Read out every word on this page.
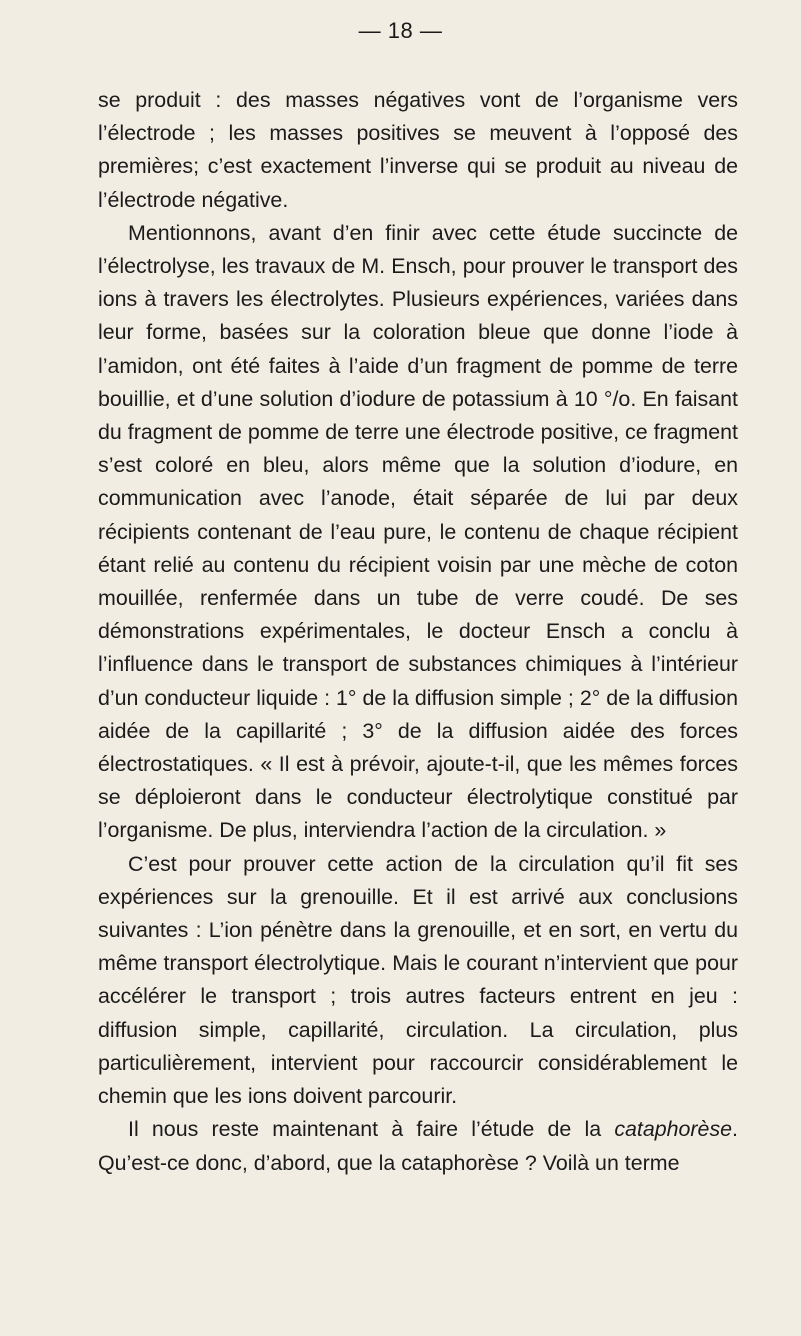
— 18 —

se produit : des masses négatives vont de l’organisme vers l’électrode ; les masses positives se meuvent à l’opposé des premières; c’est exactement l’inverse qui se produit au niveau de l’électrode négative.

Mentionnons, avant d’en finir avec cette étude succincte de l’électrolyse, les travaux de M. Ensch, pour prouver le transport des ions à travers les électrolytes. Plusieurs expériences, variées dans leur forme, basées sur la coloration bleue que donne l’iode à l’amidon, ont été faites à l’aide d’un fragment de pomme de terre bouillie, et d’une solution d’iodure de potassium à 10 °/o. En faisant du fragment de pomme de terre une électrode positive, ce fragment s’est coloré en bleu, alors même que la solution d’iodure, en communication avec l’anode, était séparée de lui par deux récipients contenant de l’eau pure, le contenu de chaque récipient étant relié au contenu du récipient voisin par une mèche de coton mouillée, renfermée dans un tube de verre coudé. De ses démonstrations expérimentales, le docteur Ensch a conclu à l’influence dans le transport de substances chimiques à l’intérieur d’un conducteur liquide : 1° de la diffusion simple ; 2° de la diffusion aidée de la capillarité ; 3° de la diffusion aidée des forces électrostatiques. « Il est à prévoir, ajoute-t-il, que les mêmes forces se déploieront dans le conducteur électrolytique constitué par l’organisme. De plus, interviendra l’action de la circulation. »

C’est pour prouver cette action de la circulation qu’il fit ses expériences sur la grenouille. Et il est arrivé aux conclusions suivantes : L’ion pénètre dans la grenouille, et en sort, en vertu du même transport électrolytique. Mais le courant n’intervient que pour accélérer le transport ; trois autres facteurs entrent en jeu : diffusion simple, capillarité, circulation. La circulation, plus particulièrement, intervient pour raccourcir considérablement le chemin que les ions doivent parcourir.

Il nous reste maintenant à faire l’étude de la cataphorèse. Qu’est-ce donc, d’abord, que la cataphorèse ? Voilà un terme
